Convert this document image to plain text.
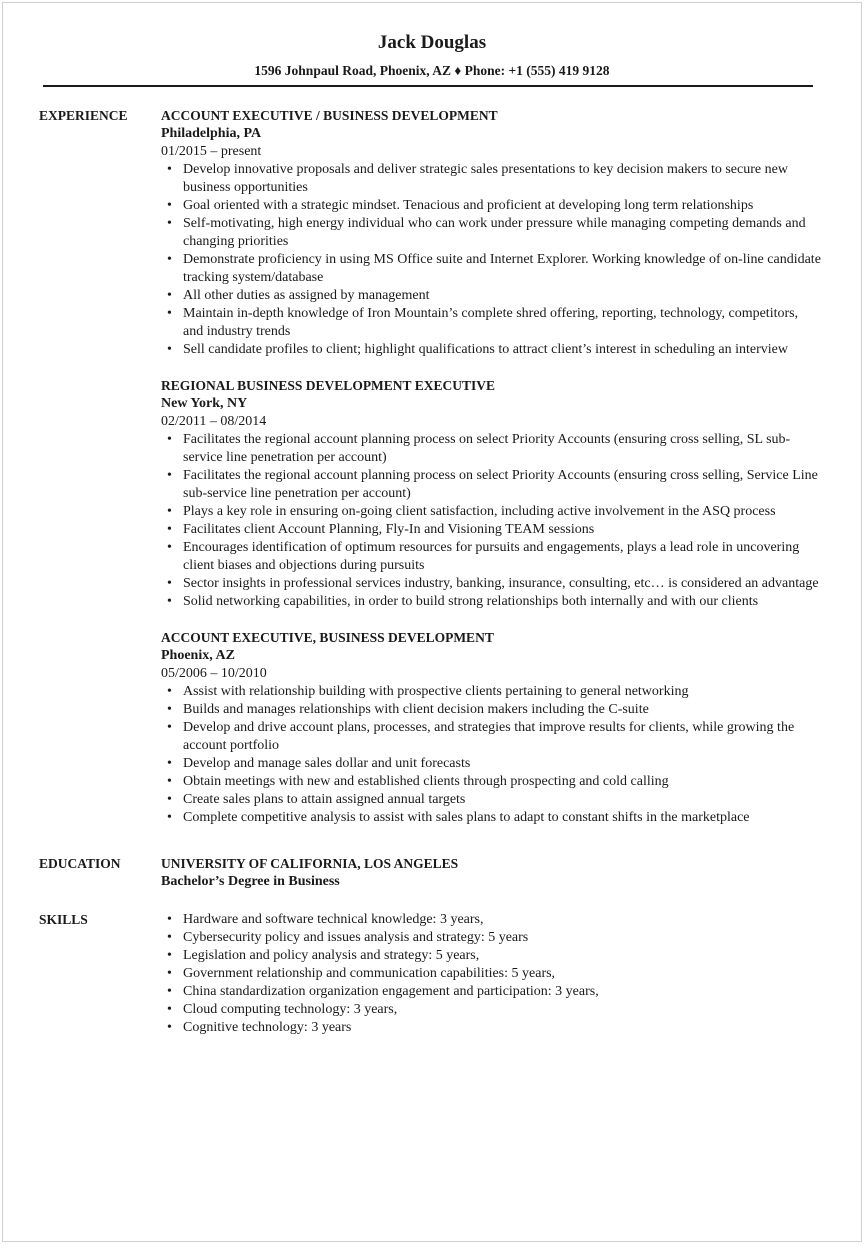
Jack Douglas
1596 Johnpaul Road, Phoenix, AZ ♦ Phone: +1 (555) 419 9128
EXPERIENCE	ACCOUNT EXECUTIVE / BUSINESS DEVELOPMENT
Philadelphia, PA
01/2015 – present
• Develop innovative proposals and deliver strategic sales presentations to key decision makers to secure new business opportunities
• Goal oriented with a strategic mindset. Tenacious and proficient at developing long term relationships
• Self-motivating, high energy individual who can work under pressure while managing competing demands and changing priorities
• Demonstrate proficiency in using MS Office suite and Internet Explorer. Working knowledge of on-line candidate tracking system/database
• All other duties as assigned by management
• Maintain in-depth knowledge of Iron Mountain’s complete shred offering, reporting, technology, competitors, and industry trends
• Sell candidate profiles to client; highlight qualifications to attract client’s interest in scheduling an interview
REGIONAL BUSINESS DEVELOPMENT EXECUTIVE
New York, NY
02/2011 – 08/2014
• Facilitates the regional account planning process on select Priority Accounts (ensuring cross selling, SL sub-service line penetration per account)
• Facilitates the regional account planning process on select Priority Accounts (ensuring cross selling, Service Line sub-service line penetration per account)
• Plays a key role in ensuring on-going client satisfaction, including active involvement in the ASQ process
• Facilitates client Account Planning, Fly-In and Visioning TEAM sessions
• Encourages identification of optimum resources for pursuits and engagements, plays a lead role in uncovering client biases and objections during pursuits
• Sector insights in professional services industry, banking, insurance, consulting, etc… is considered an advantage
• Solid networking capabilities, in order to build strong relationships both internally and with our clients
ACCOUNT EXECUTIVE, BUSINESS DEVELOPMENT
Phoenix, AZ
05/2006 – 10/2010
• Assist with relationship building with prospective clients pertaining to general networking
• Builds and manages relationships with client decision makers including the C-suite
• Develop and drive account plans, processes, and strategies that improve results for clients, while growing the account portfolio
• Develop and manage sales dollar and unit forecasts
• Obtain meetings with new and established clients through prospecting and cold calling
• Create sales plans to attain assigned annual targets
• Complete competitive analysis to assist with sales plans to adapt to constant shifts in the marketplace
EDUCATION	UNIVERSITY OF CALIFORNIA, LOS ANGELES
Bachelor’s Degree in Business
SKILLS
•	Hardware and software technical knowledge: 3 years,
• Cybersecurity policy and issues analysis and strategy: 5 years
• Legislation and policy analysis and strategy: 5 years,
• Government relationship and communication capabilities: 5 years,
• China standardization organization engagement and participation: 3 years,
• Cloud computing technology: 3 years,
• Cognitive technology: 3 years
